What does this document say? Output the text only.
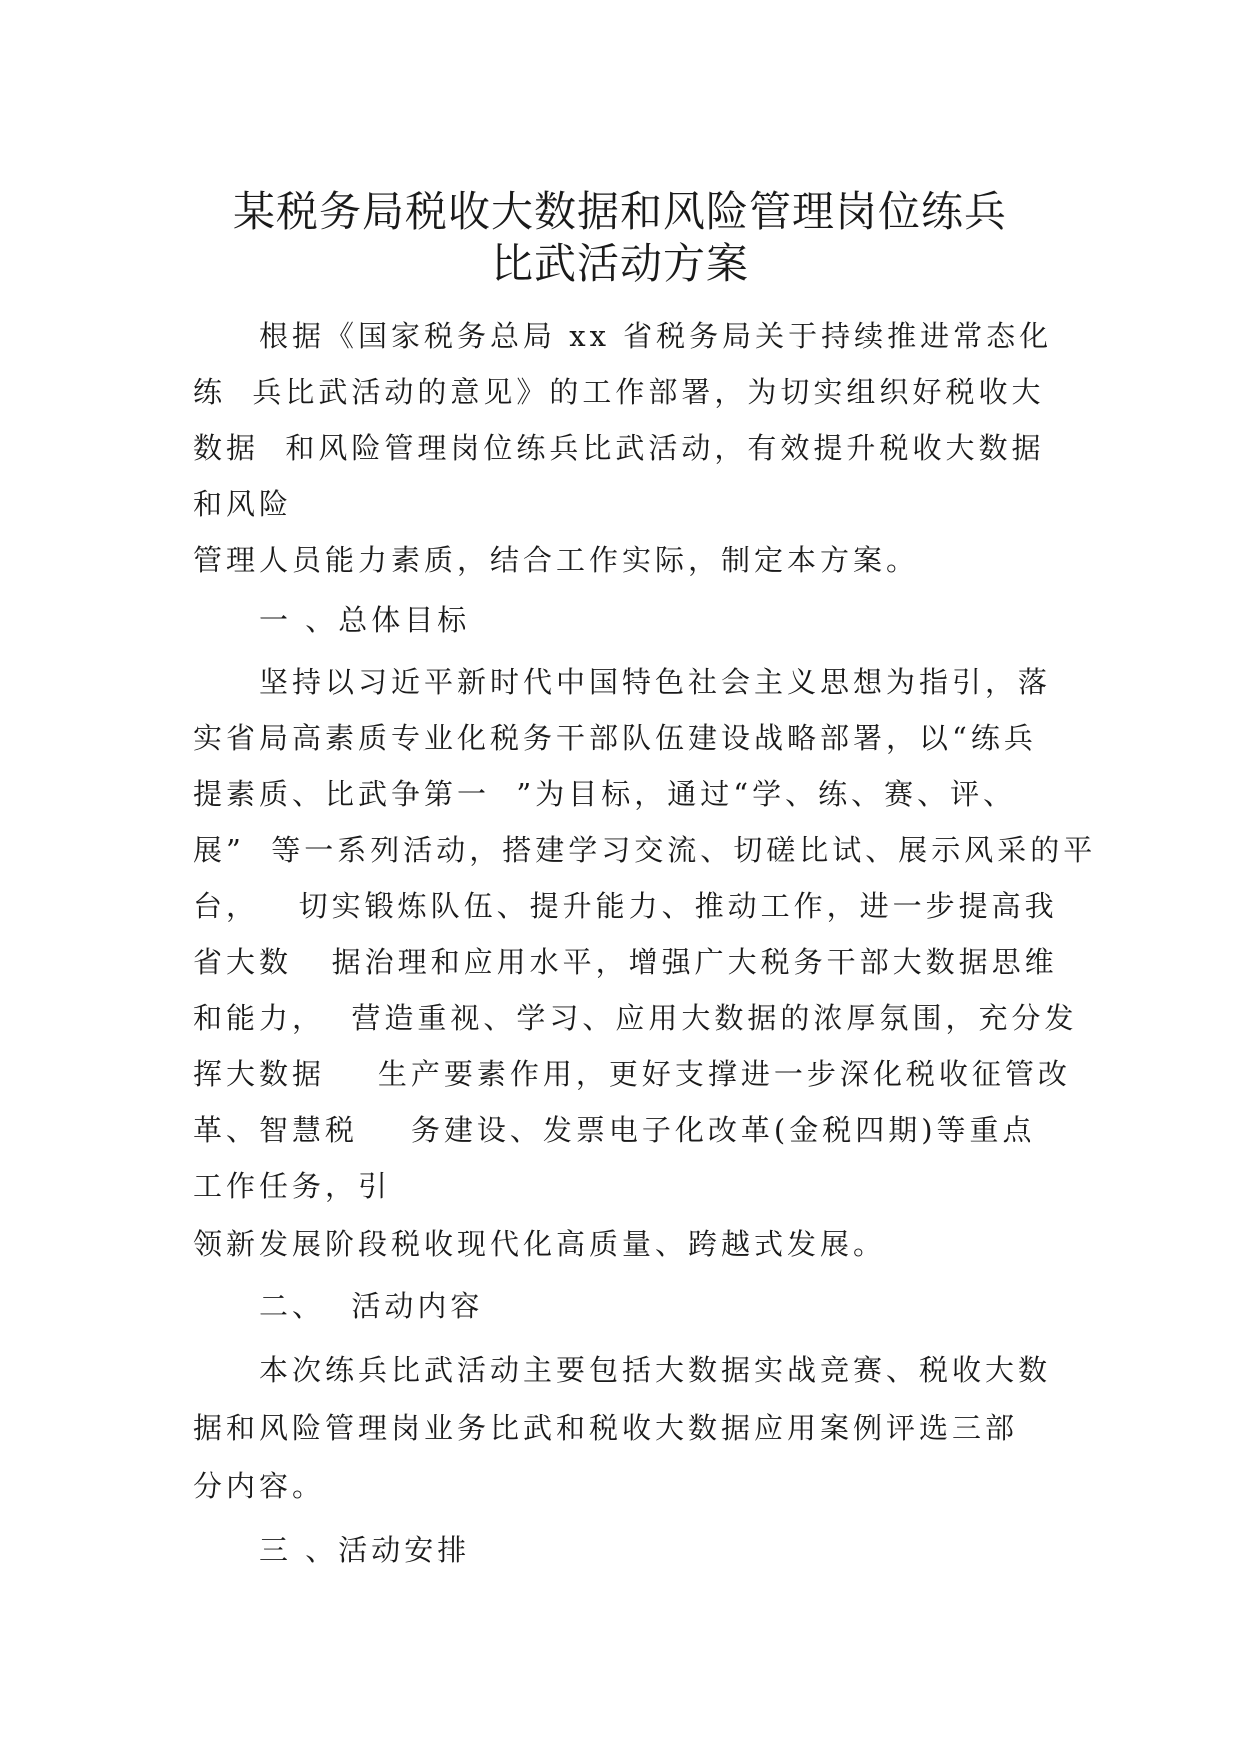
某税务局税收大数据和风险管理岗位练兵
比武活动方案

根据《国家税务总局 xx 省税务局关于持续推进常态化

练  兵比武活动的意见》的工作部署，为切实组织好税收大

数据  和风险管理岗位练兵比武活动，有效提升税收大数据

和风险

管理人员能力素质，结合工作实际，制定本方案。

一 、总体目标

坚持以习近平新时代中国特色社会主义思想为指引，落

实省局高素质专业化税务干部队伍建设战略部署，以“练兵

提素质、比武争第一  ”为目标，通过“学、练、赛、评、

展”  等一系列活动，搭建学习交流、切磋比试、展示风采的平

台，   切实锻炼队伍、提升能力、推动工作，进一步提高我

省大数   据治理和应用水平，增强广大税务干部大数据思维

和能力，  营造重视、学习、应用大数据的浓厚氛围，充分发

挥大数据    生产要素作用，更好支撑进一步深化税收征管改

革、智慧税    务建设、发票电子化改革(金税四期)等重点

工作任务，引

领新发展阶段税收现代化高质量、跨越式发展。

二、  活动内容

本次练兵比武活动主要包括大数据实战竞赛、税收大数

据和风险管理岗业务比武和税收大数据应用案例评选三部

分内容。

三 、活动安排
